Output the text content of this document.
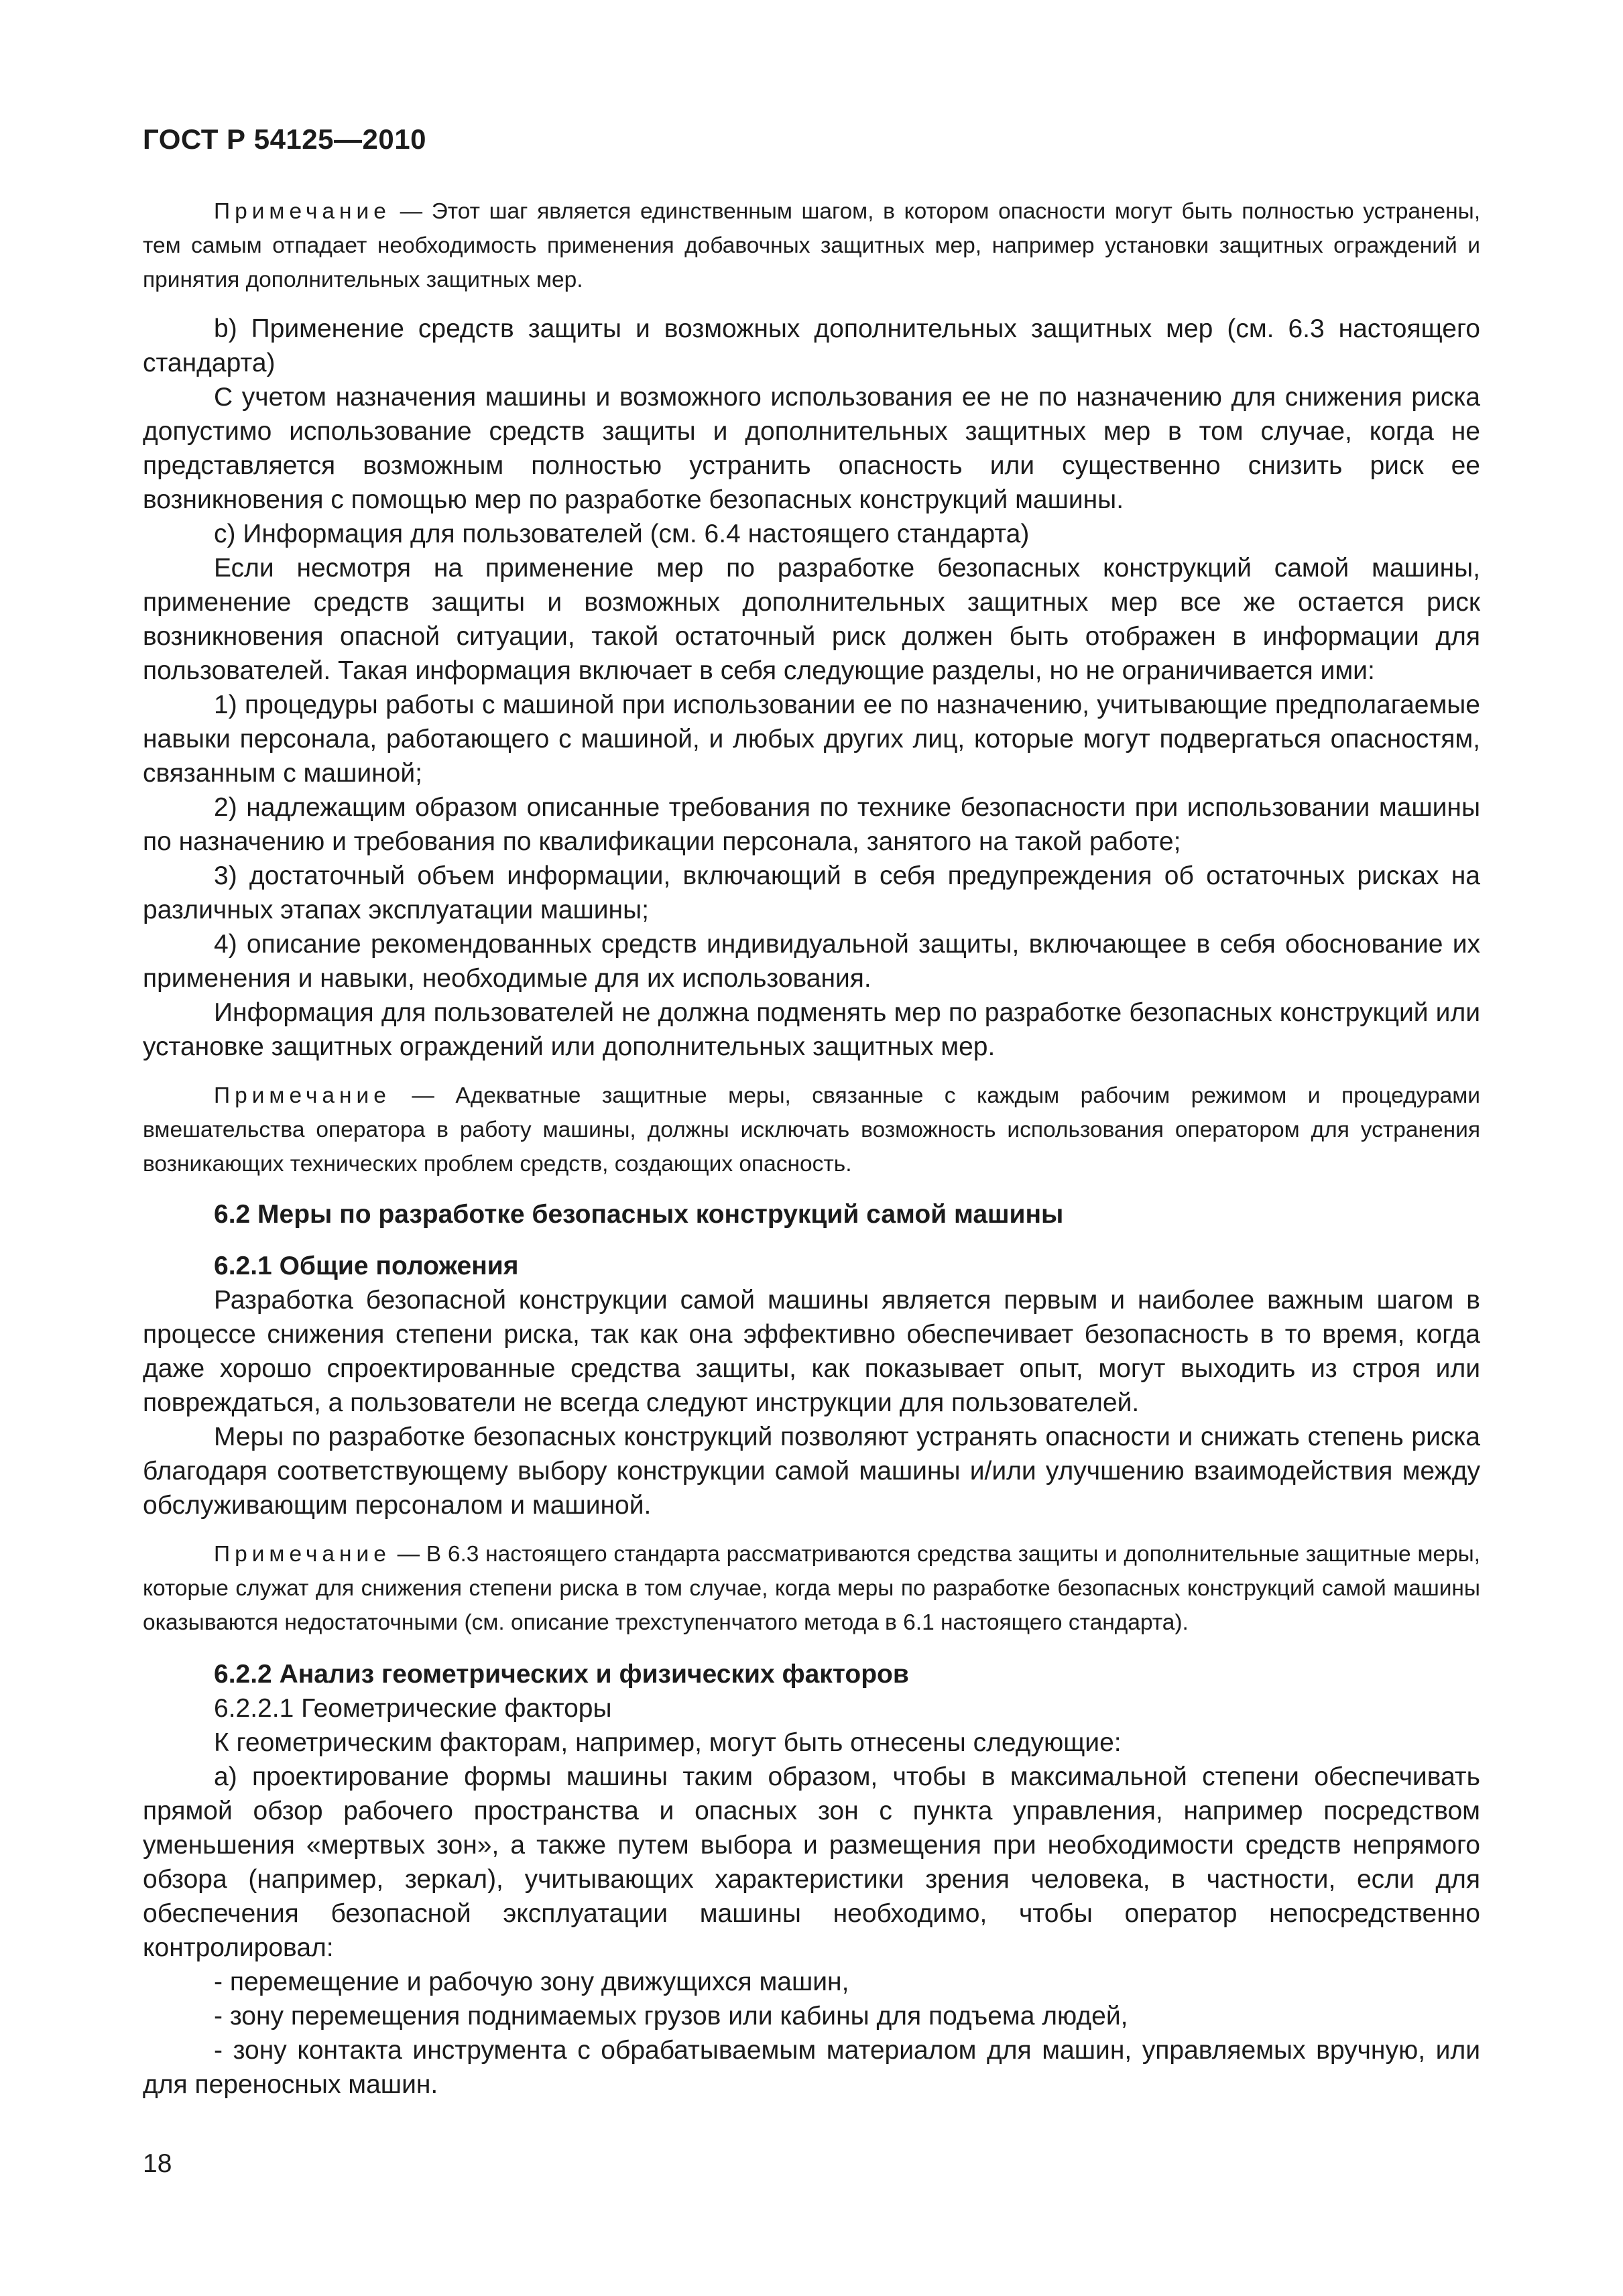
ГОСТ Р 54125—2010

Примечание — Этот шаг является единственным шагом, в котором опасности могут быть полностью устранены, тем самым отпадает необходимость применения добавочных защитных мер, например установки защитных ограждений и принятия дополнительных защитных мер.

b) Применение средств защиты и возможных дополнительных защитных мер (см. 6.3 настоящего стандарта)

С учетом назначения машины и возможного использования ее не по назначению для снижения риска допустимо использование средств защиты и дополнительных защитных мер в том случае, когда не представляется возможным полностью устранить опасность или существенно снизить риск ее возникновения с помощью мер по разработке безопасных конструкций машины.

c) Информация для пользователей (см. 6.4 настоящего стандарта)

Если несмотря на применение мер по разработке безопасных конструкций самой машины, применение средств защиты и возможных дополнительных защитных мер все же остается риск возникновения опасной ситуации, такой остаточный риск должен быть отображен в информации для пользователей. Такая информация включает в себя следующие разделы, но не ограничивается ими:

1) процедуры работы с машиной при использовании ее по назначению, учитывающие предполагаемые навыки персонала, работающего с машиной, и любых других лиц, которые могут подвергаться опасностям, связанным с машиной;

2) надлежащим образом описанные требования по технике безопасности при использовании машины по назначению и требования по квалификации персонала, занятого на такой работе;

3) достаточный объем информации, включающий в себя предупреждения об остаточных рисках на различных этапах эксплуатации машины;

4) описание рекомендованных средств индивидуальной защиты, включающее в себя обоснование их применения и навыки, необходимые для их использования.

Информация для пользователей не должна подменять мер по разработке безопасных конструкций или установке защитных ограждений или дополнительных защитных мер.

Примечание — Адекватные защитные меры, связанные с каждым рабочим режимом и процедурами вмешательства оператора в работу машины, должны исключать возможность использования оператором для устранения возникающих технических проблем средств, создающих опасность.

6.2 Меры по разработке безопасных конструкций самой машины

6.2.1 Общие положения

Разработка безопасной конструкции самой машины является первым и наиболее важным шагом в процессе снижения степени риска, так как она эффективно обеспечивает безопасность в то время, когда даже хорошо спроектированные средства защиты, как показывает опыт, могут выходить из строя или повреждаться, а пользователи не всегда следуют инструкции для пользователей.

Меры по разработке безопасных конструкций позволяют устранять опасности и снижать степень риска благодаря соответствующему выбору конструкции самой машины и/или улучшению взаимодействия между обслуживающим персоналом и машиной.

Примечание — В 6.3 настоящего стандарта рассматриваются средства защиты и дополнительные защитные меры, которые служат для снижения степени риска в том случае, когда меры по разработке безопасных конструкций самой машины оказываются недостаточными (см. описание трехступенчатого метода в 6.1 настоящего стандарта).

6.2.2 Анализ геометрических и физических факторов

6.2.2.1 Геометрические факторы

К геометрическим факторам, например, могут быть отнесены следующие:

а) проектирование формы машины таким образом, чтобы в максимальной степени обеспечивать прямой обзор рабочего пространства и опасных зон с пункта управления, например посредством уменьшения «мертвых зон», а также путем выбора и размещения при необходимости средств непрямого обзора (например, зеркал), учитывающих характеристики зрения человека, в частности, если для обеспечения безопасной эксплуатации машины необходимо, чтобы оператор непосредственно контролировал:

- перемещение и рабочую зону движущихся машин,

- зону перемещения поднимаемых грузов или кабины для подъема людей,

- зону контакта инструмента с обрабатываемым материалом для машин, управляемых вручную, или для переносных машин.

18
